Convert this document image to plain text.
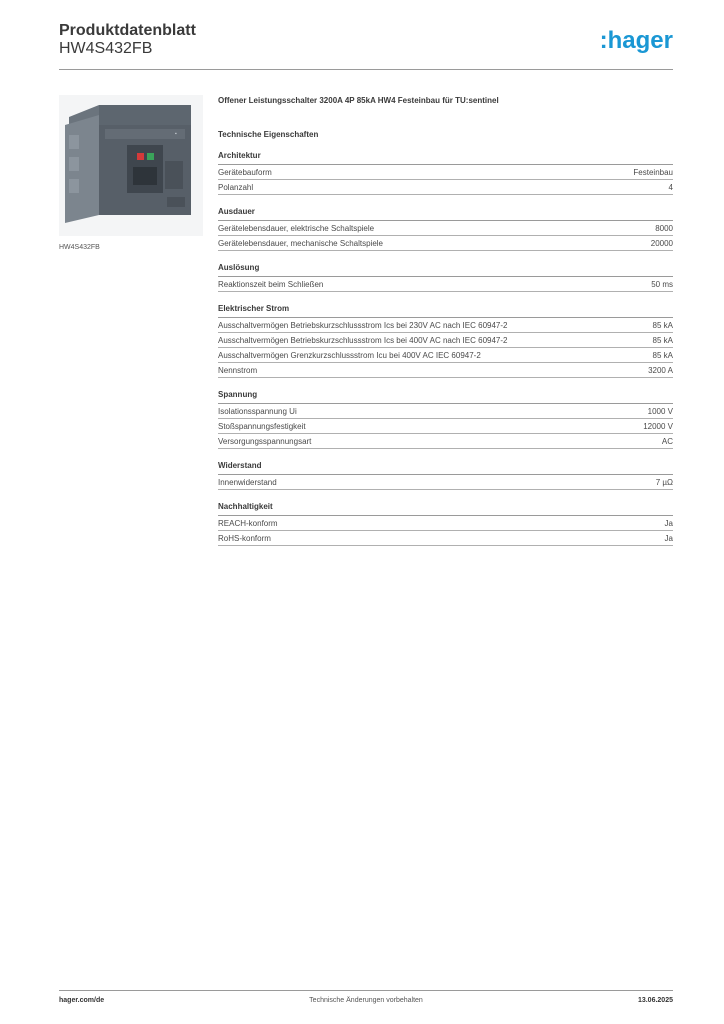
Produktdatenblatt
HW4S432FB	:hager
▪
HW4S432FB
Offener Leistungsschalter 3200A 4P 85kA HW4 Festeinbau für TU:sentinel
Technische Eigenschaften
Architektur
Gerätebauform	Festeinbau
Polanzahl	4
Ausdauer
Gerätelebensdauer, elektrische Schaltspiele	8000
Gerätelebensdauer, mechanische Schaltspiele	20000
Auslösung
Reaktionszeit beim Schließen	50 ms
Elektrischer Strom
Ausschaltvermögen Betriebskurzschlussstrom Ics bei 230V AC nach IEC 60947-2	85 kA
Ausschaltvermögen Betriebskurzschlussstrom Ics bei 400V AC nach IEC 60947-2	85 kA
Ausschaltvermögen Grenzkurzschlussstrom Icu bei 400V AC IEC 60947-2	85 kA
Nennstrom	3200 A
Spannung
Isolationsspannung Ui	1000 V
Stoßspannungsfestigkeit	12000 V
Versorgungsspannungsart	AC
Widerstand
Innenwiderstand	7 µΩ
Nachhaltigkeit
REACH-konform	Ja
RoHS-konform	Ja
hager.com/de	Technische Änderungen vorbehalten	13.06.2025
